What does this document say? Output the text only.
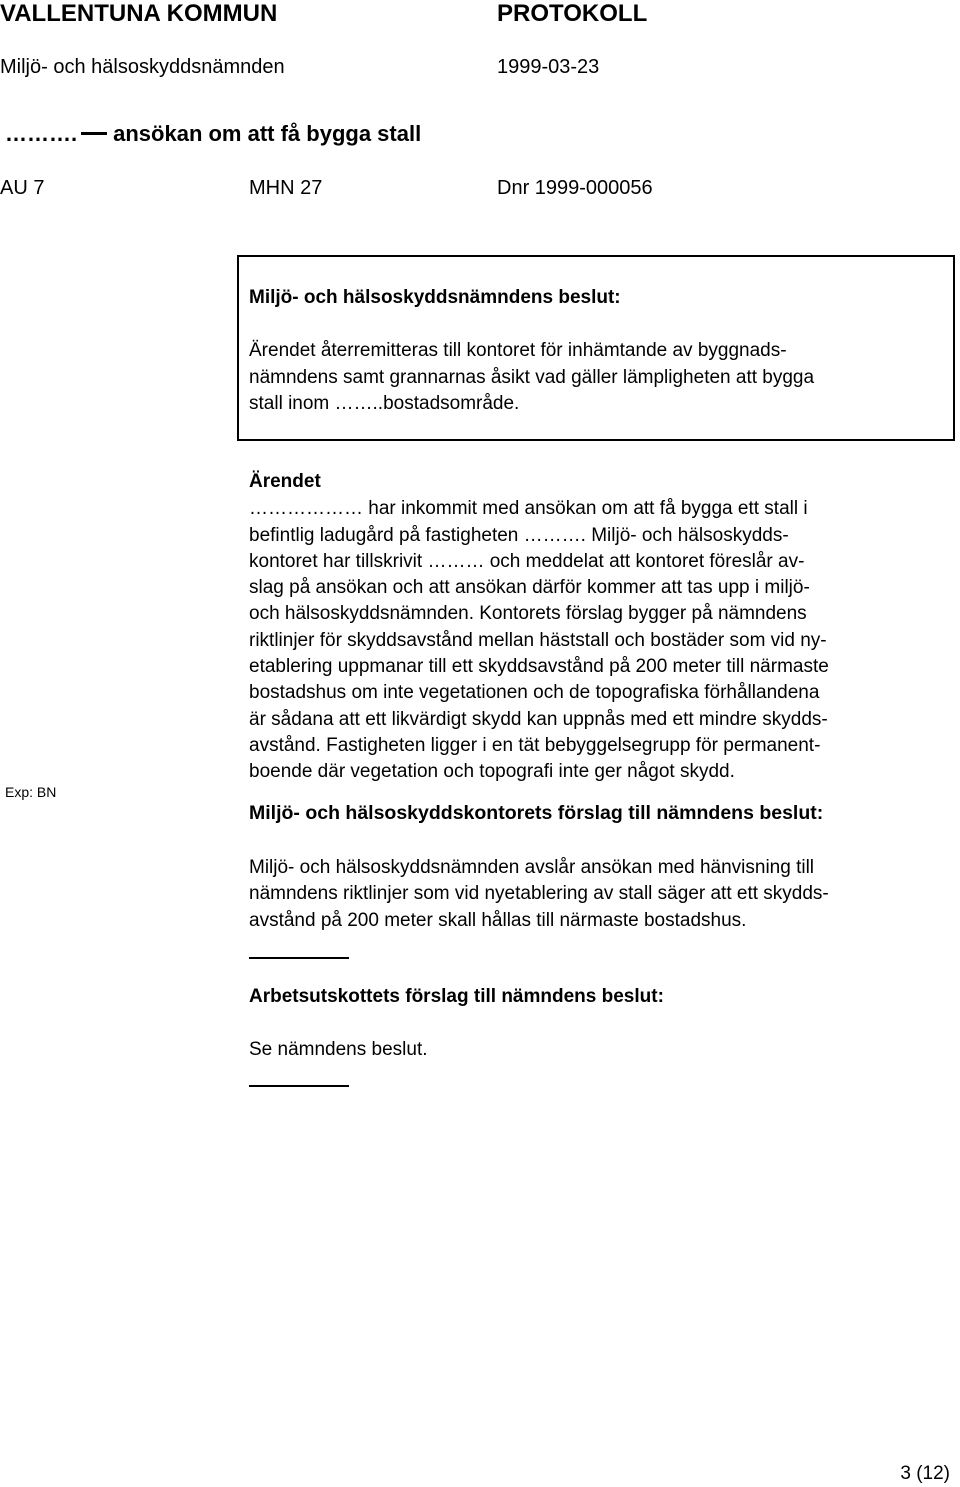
VALLENTUNA KOMMUN	PROTOKOLL
Miljö- och hälsoskyddsnämnden	1999-03-23
………. ansökan om att få bygga stall
AU 7	MHN 27	Dnr 1999-000056
Miljö- och hälsoskyddsnämndens beslut:
Ärendet återremitteras till kontoret för inhämtande av byggnads-
nämndens samt grannarnas åsikt vad gäller lämpligheten att bygga
stall inom ……..bostadsområde.
Exp: BN
Ärendet
……………… har inkommit med ansökan om att få bygga ett stall i
befintlig ladugård på fastigheten ………. Miljö- och hälsoskydds-
kontoret har tillskrivit ……… och meddelat att kontoret föreslår av-
slag på ansökan och att ansökan därför kommer att tas upp i miljö-
och hälsoskyddsnämnden. Kontorets förslag bygger på nämndens
riktlinjer för skyddsavstånd mellan häststall och bostäder som vid ny-
etablering uppmanar till ett skyddsavstånd på 200 meter till närmaste
bostadshus om inte vegetationen och de topografiska förhållandena
är sådana att ett likvärdigt skydd kan uppnås med ett mindre skydds-
avstånd. Fastigheten ligger i en tät bebyggelsegrupp för permanent-
boende där vegetation och topografi inte ger något skydd.
Miljö- och hälsoskyddskontorets förslag till nämndens beslut:
Miljö- och hälsoskyddsnämnden avslår ansökan med hänvisning till
nämndens riktlinjer som vid nyetablering av stall säger att ett skydds-
avstånd på 200 meter skall hållas till närmaste bostadshus.
Arbetsutskottets förslag till nämndens beslut:
Se nämndens beslut.
3 (12)
